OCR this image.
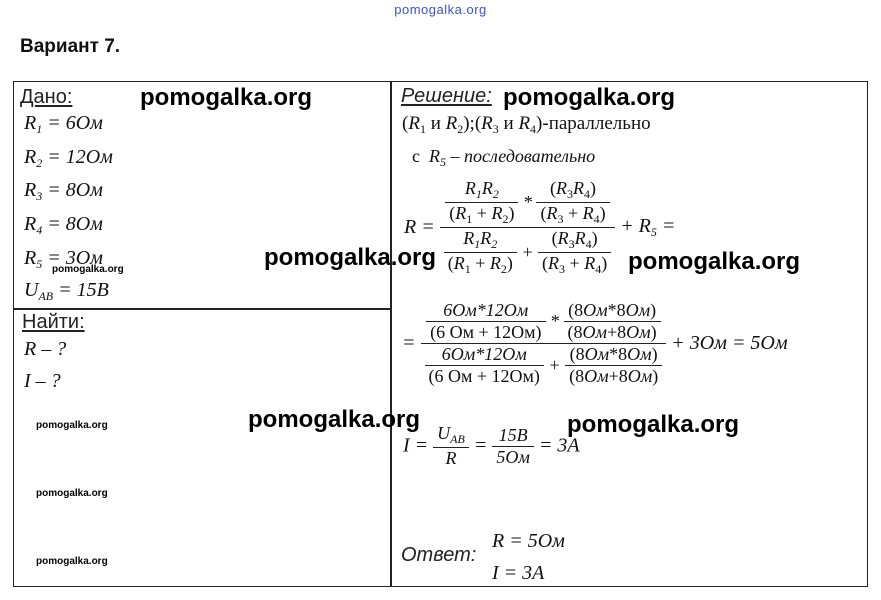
pomogalka.org
Вариант 7.
Дано:
$R_1 = 6Ом$
$R_2 = 12Ом$
$R_3 = 8Ом$
$R_4 = 8Ом$
$R_5 = 3Ом$
$U_{AB} = 15В$
Найти:
R – ?
I – ?
Решение:
($R_1$ и $R_2);(R_3$ и $R_4$)-параллельно
с  $R_5$ – последовательно
$R = \frac{\frac{R_1R_2}{(R_1 + R_2)} * \frac{(R_3R_4)}{(R_3 + R_4)}}{\frac{R_1R_2}{(R_1 + R_2)} + \frac{(R_3R_4)}{(R_3 + R_4)}} + R_5$ =
= $\frac{\frac{6Ом*12Ом}{(6 Ом + 12Ом)} * \frac{(8Ом*8Ом)}{(8Ом+8Ом)}}{\frac{6Ом*12Ом}{(6 Ом + 12Ом)} + \frac{(8Ом*8Ом)}{(8Ом+8Ом)}} + 3Ом = 5Ом$
$I = \frac{U_{AB}}{R} = \frac{15B}{5Ом} = 3A$
Ответ:
R = 5Ом
I = 3A
pomogalka.org	pomogalka.org
pomogalka.org	pomogalka.org
pomogalka.org	pomogalka.org
pomogalka.org
pomogalka.org
pomogalka.org
pomogalka.org
